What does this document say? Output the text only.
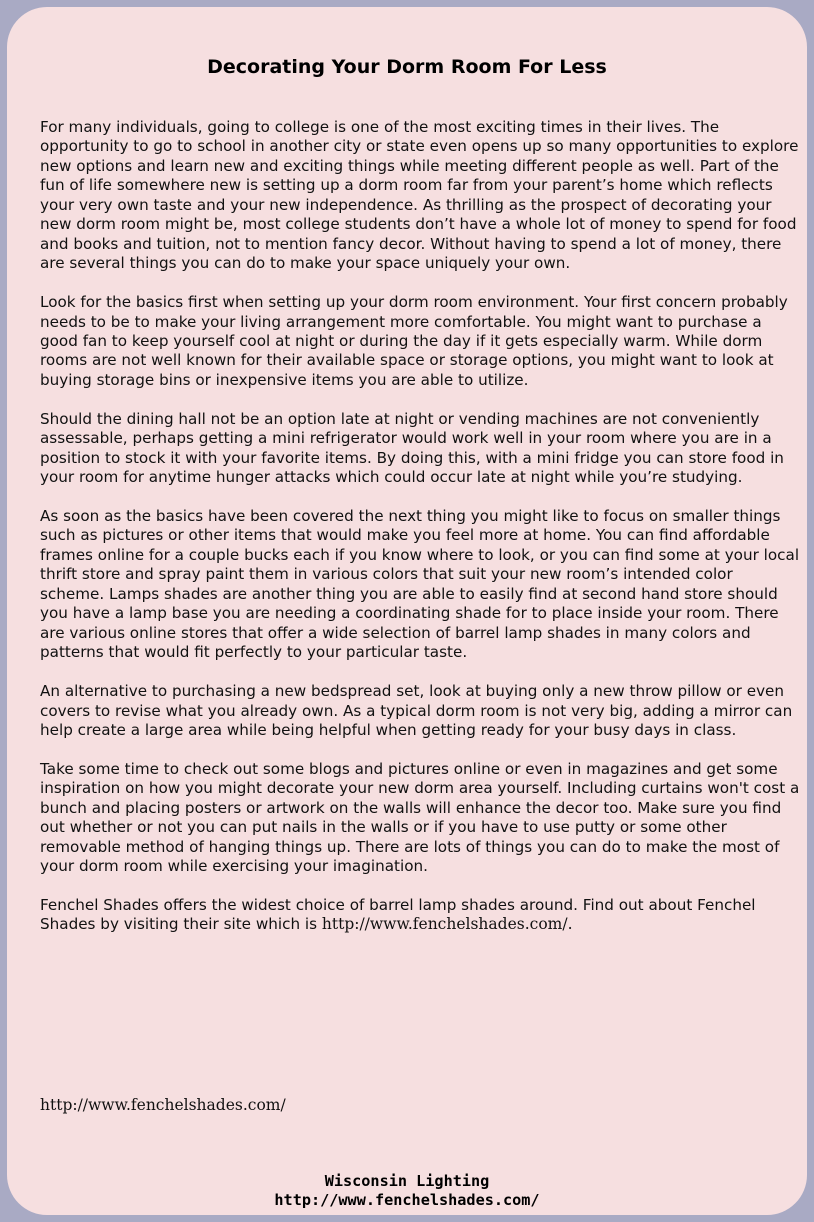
Decorating Your Dorm Room For Less

For many individuals, going to college is one of the most exciting times in their lives. The opportunity to go to school in another city or state even opens up so many opportunities to explore new options and learn new and exciting things while meeting different people as well. Part of the fun of life somewhere new is setting up a dorm room far from your parent’s home which reflects your very own taste and your new independence. As thrilling as the prospect of decorating your new dorm room might be, most college students don’t have a whole lot of money to spend for food and books and tuition, not to mention fancy decor. Without having to spend a lot of money, there are several things you can do to make your space uniquely your own.

Look for the basics first when setting up your dorm room environment. Your first concern probably needs to be to make your living arrangement more comfortable. You might want to purchase a good fan to keep yourself cool at night or during the day if it gets especially warm. While dorm rooms are not well known for their available space or storage options, you might want to look at buying storage bins or inexpensive items you are able to utilize.

Should the dining hall not be an option late at night or vending machines are not conveniently assessable, perhaps getting a mini refrigerator would work well in your room where you are in a position to stock it with your favorite items. By doing this, with a mini fridge you can store food in your room for anytime hunger attacks which could occur late at night while you’re studying.

As soon as the basics have been covered the next thing you might like to focus on smaller things such as pictures or other items that would make you feel more at home. You can find affordable frames online for a couple bucks each if you know where to look, or you can find some at your local thrift store and spray paint them in various colors that suit your new room’s intended color scheme. Lamps shades are another thing you are able to easily find at second hand store should you have a lamp base you are needing a coordinating shade for to place inside your room. There are various online stores that offer a wide selection of barrel lamp shades in many colors and patterns that would fit perfectly to your particular taste.

An alternative to purchasing a new bedspread set, look at buying only a new throw pillow or even covers to revise what you already own. As a typical dorm room is not very big, adding a mirror can help create a large area while being helpful when getting ready for your busy days in class.

Take some time to check out some blogs and pictures online or even in magazines and get some inspiration on how you might decorate your new dorm area yourself. Including curtains won't cost a bunch and placing posters or artwork on the walls will enhance the decor too. Make sure you find out whether or not you can put nails in the walls or if you have to use putty or some other removable method of hanging things up. There are lots of things you can do to make the most of your dorm room while exercising your imagination.

Fenchel Shades offers the widest choice of barrel lamp shades around. Find out about Fenchel Shades by visiting their site which is http://www.fenchelshades.com/.

http://www.fenchelshades.com/
Wisconsin Lighting
http://www.fenchelshades.com/
